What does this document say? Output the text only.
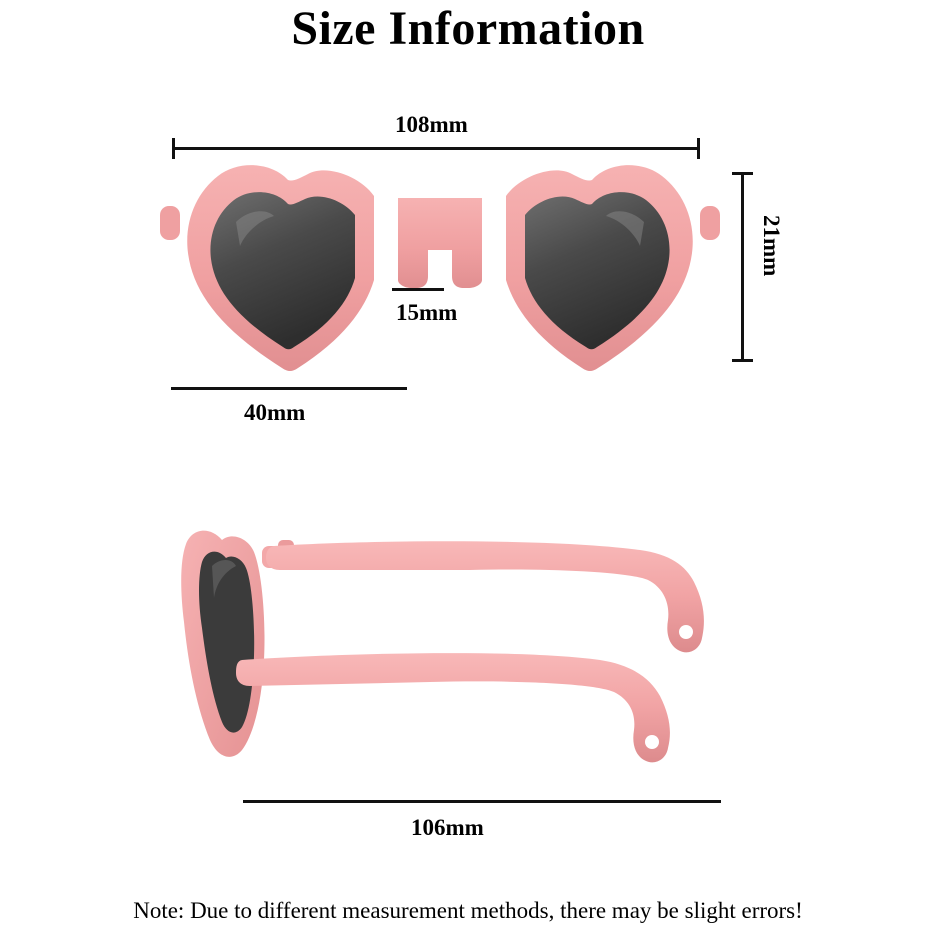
Size Information
108mm
21mm
15mm
40mm
106mm
Note: Due to different measurement methods, there may be slight errors!
